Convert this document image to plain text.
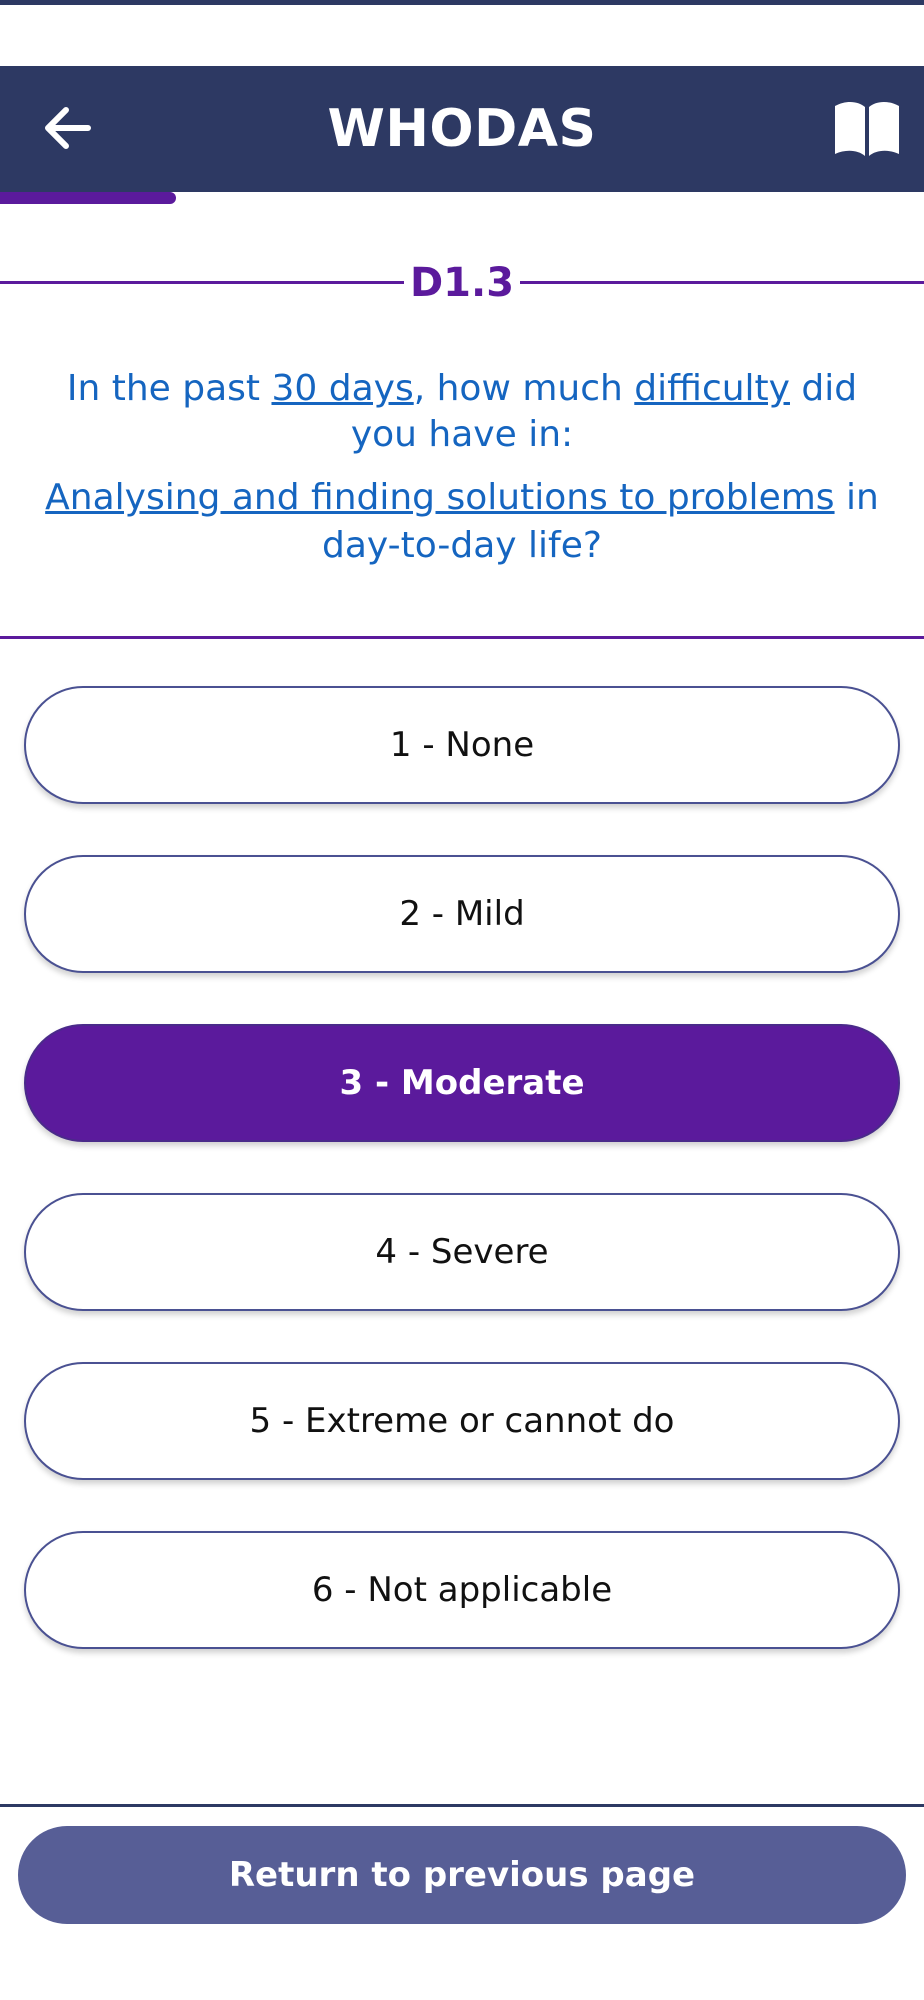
WHODAS
D1.3

In the past 30 days, how much difficulty did you have in:

Analysing and finding solutions to problems in day-to-day life?

1 - None
2 - Mild
3 - Moderate
4 - Severe
5 - Extreme or cannot do
6 - Not applicable
Return to previous page
